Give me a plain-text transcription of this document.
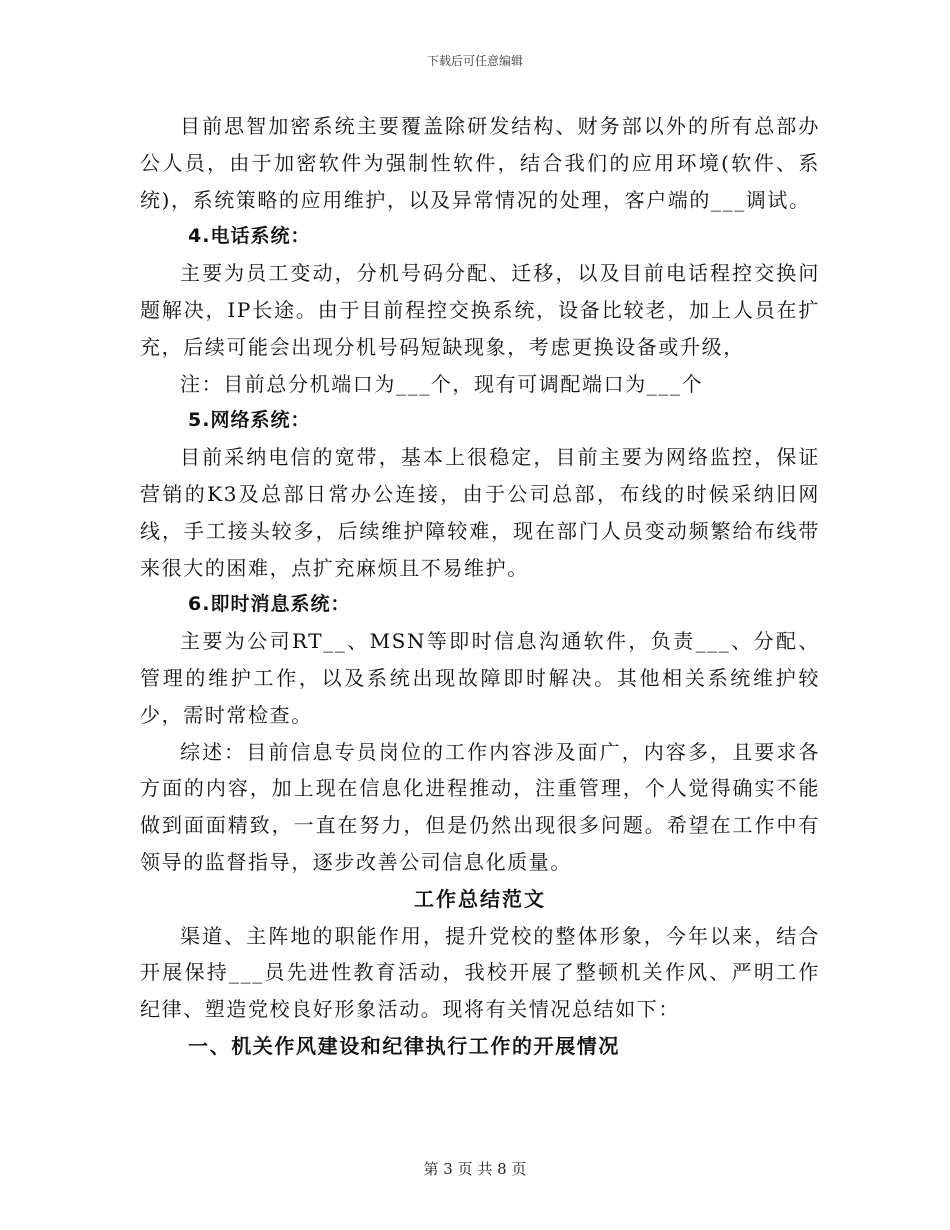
下载后可任意编辑

目前思智加密系统主要覆盖除研发结构、财务部以外的所有总部办公人员，由于加密软件为强制性软件，结合我们的应用环境(软件、系统)，系统策略的应用维护，以及异常情况的处理，客户端的___调试。

4.电话系统：

主要为员工变动，分机号码分配、迁移，以及目前电话程控交换问题解决，IP长途。由于目前程控交换系统，设备比较老，加上人员在扩充，后续可能会出现分机号码短缺现象，考虑更换设备或升级，

注：目前总分机端口为___个，现有可调配端口为___个

5.网络系统：

目前采纳电信的宽带，基本上很稳定，目前主要为网络监控，保证营销的K3及总部日常办公连接，由于公司总部，布线的时候采纳旧网线，手工接头较多，后续维护障较难，现在部门人员变动频繁给布线带来很大的困难，点扩充麻烦且不易维护。

6.即时消息系统：

主要为公司RT__、MSN等即时信息沟通软件，负责___、分配、管理的维护工作，以及系统出现故障即时解决。其他相关系统维护较少，需时常检查。

综述：目前信息专员岗位的工作内容涉及面广，内容多，且要求各方面的内容，加上现在信息化进程推动，注重管理，个人觉得确实不能做到面面精致，一直在努力，但是仍然出现很多问题。希望在工作中有领导的监督指导，逐步改善公司信息化质量。

工作总结范文

渠道、主阵地的职能作用，提升党校的整体形象，今年以来，结合开展保持___员先进性教育活动，我校开展了整顿机关作风、严明工作纪律、塑造党校良好形象活动。现将有关情况总结如下：

一、机关作风建设和纪律执行工作的开展情况

第 3 页 共 8 页
